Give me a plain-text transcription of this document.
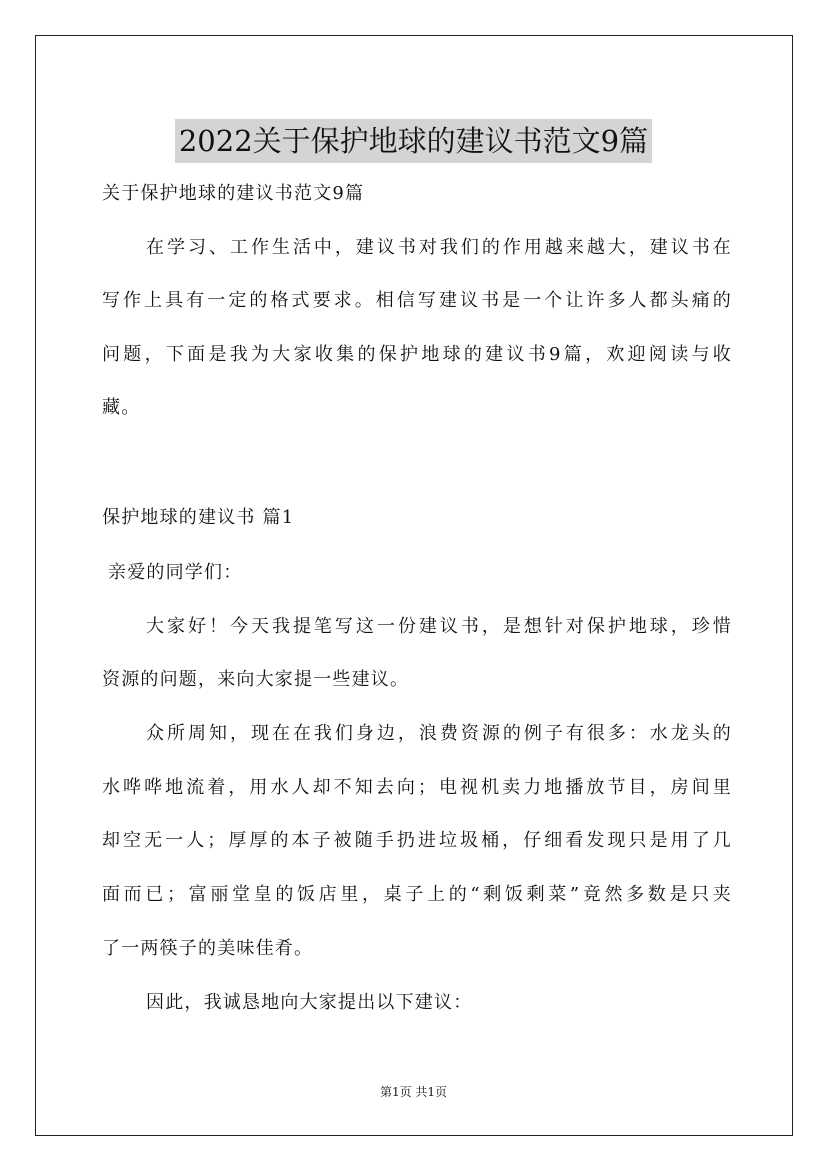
2022关于保护地球的建议书范文9篇
关于保护地球的建议书范文9篇
在学习、工作生活中，建议书对我们的作用越来越大，建议书在
写作上具有一定的格式要求。相信写建议书是一个让许多人都头痛的
问题，下面是我为大家收集的保护地球的建议书9篇，欢迎阅读与收
藏。
保护地球的建议书 篇1
亲爱的同学们：
大家好！今天我提笔写这一份建议书，是想针对保护地球，珍惜
资源的问题，来向大家提一些建议。
众所周知，现在在我们身边，浪费资源的例子有很多：水龙头的
水哗哗地流着，用水人却不知去向；电视机卖力地播放节目，房间里
却空无一人；厚厚的本子被随手扔进垃圾桶，仔细看发现只是用了几
面而已；富丽堂皇的饭店里，桌子上的“剩饭剩菜”竟然多数是只夹
了一两筷子的美味佳肴。
因此，我诚恳地向大家提出以下建议：
第1页 共1页
